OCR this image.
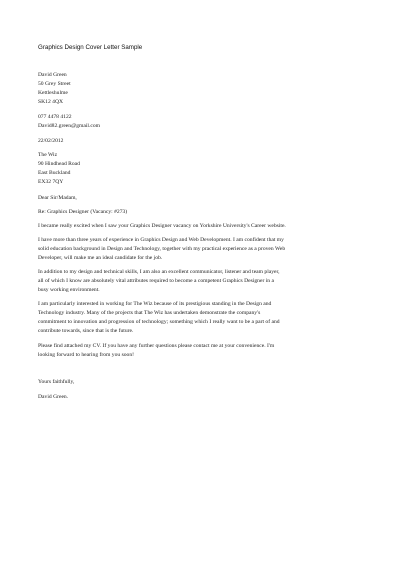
Graphics Design Cover Letter Sample
David Green
50 Grey Street
Kettleshulme
SK12 4QX
077 4478 4122
David82.green@gmail.com
22/02/2012
The Wiz
90 Hindhead Road
East Buckland
EX32 7QY
Dear Sir/Madam,
Re: Graphics Designer (Vacancy: #273)
I became really excited when I saw your Graphics Designer vacancy on Yorkshire University's Career website.
I have more than three years of experience in Graphics Design and Web Development. I am confident that my
solid education background in Design and Technology, together with my practical experience as a proven Web
Developer, will make me an ideal candidate for the job.
In addition to my design and technical skills, I am also an excellent communicator, listener and team player,
all of which I know are absolutely vital attributes required to become a competent Graphics Designer in a
busy working environment.
I am particularly interested in working for The Wiz because of its prestigious standing in the Design and
Technology industry. Many of the projects that The Wiz has undertaken demonstrate the company's
commitment to innovation and progression of technology; something which I really want to be a part of and
contribute towards, since that is the future.
Please find attached my CV. If you have any further questions please contact me at your convenience. I'm
looking forward to hearing from you soon!
Yours faithfully,
David Green.
